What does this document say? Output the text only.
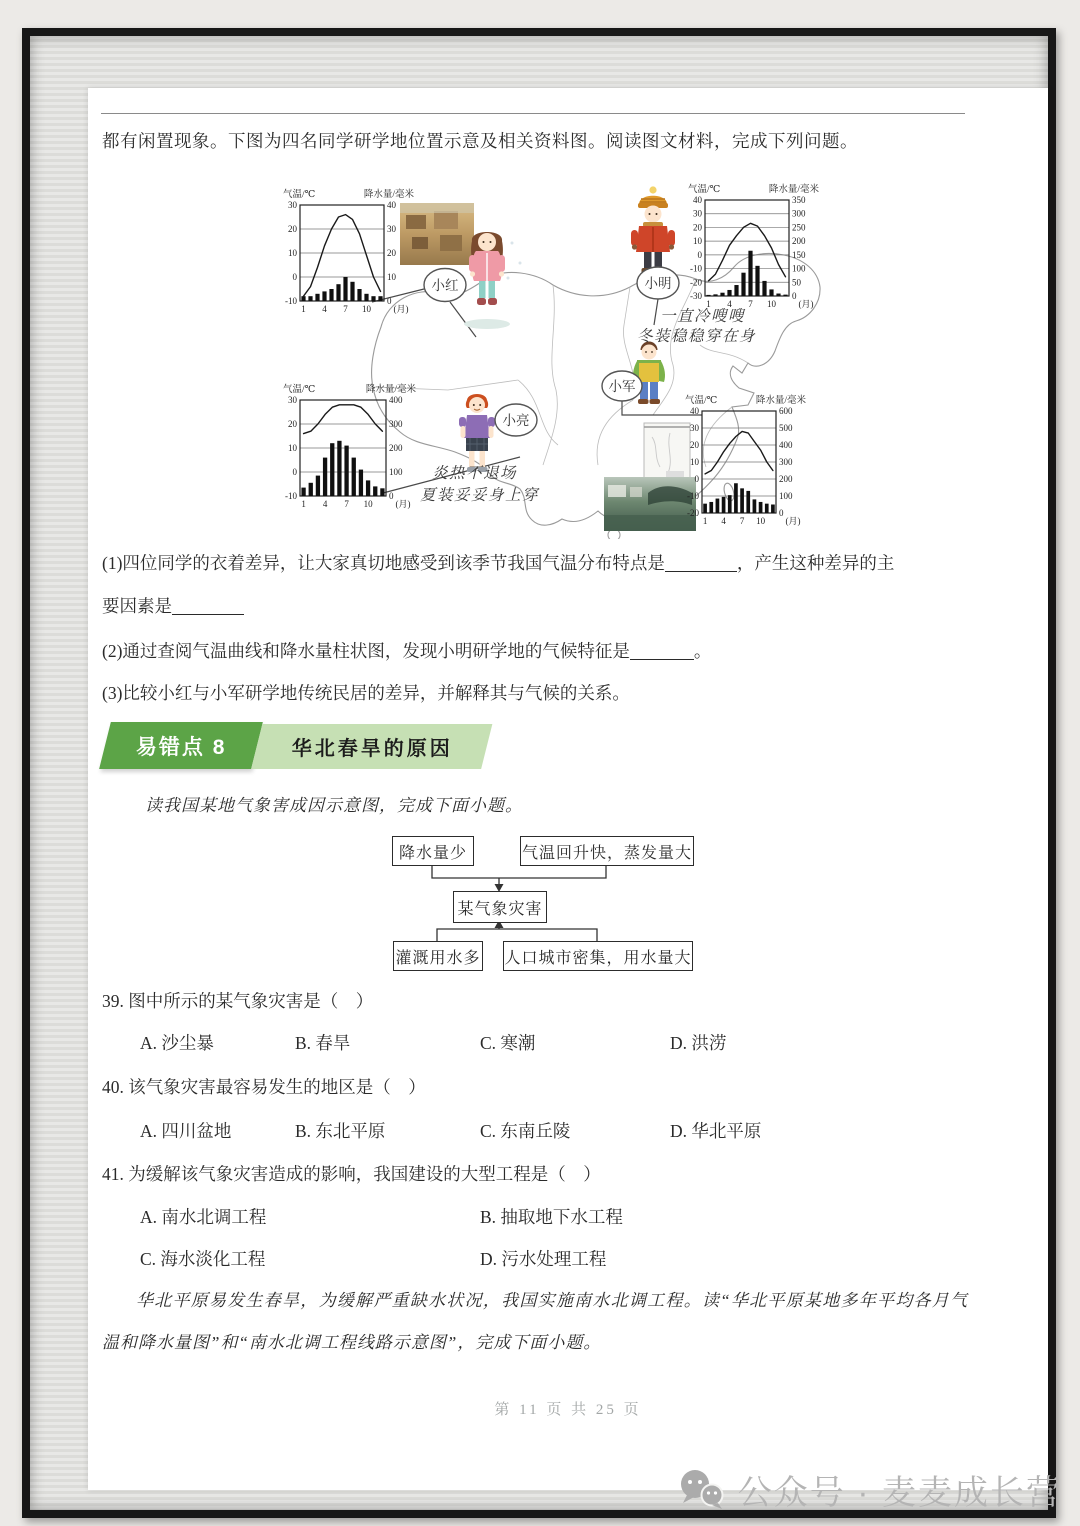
都有闲置现象。下图为四名同学研学地位置示意及相关资料图。阅读图文材料，完成下列问题。

小红	小明
小军
小亮
一直冷嗖嗖
冬装稳稳穿在身
炎热不退场
夏装妥妥身上穿
30
20
10
0
-10
40
30
20
10
0
1 4 7 10	(月)
气温/℃	降水量/毫米	40
30
20
10
0
-10
-20
-30
350
300
250
200
150
100
50
0
1 4 7 10	(月)
气温/℃	降水量/毫米
30
20
10
0
-10
400
300
200
100
0
1 4 7 10	(月)
气温/℃	降水量/毫米
40
30
20
10
0
-10
-20
600
500
400
300
200
100
0
1 4 7 10 (月)
气温/℃	降水量/毫米
(1)四位同学的衣着差异，让大家真切地感受到该季节我国气温分布特点是	，产生这种差异的主
要因素是
(2)通过查阅气温曲线和降水量柱状图，发现小明研学地的气候特征是	。
(3)比较小红与小军研学地传统民居的差异，并解释其与气候的关系。
易错点 8	华北春旱的原因

读我国某地气象害成因示意图，完成下面小题。

降水量少	气温回升快，蒸发量大
某气象灾害
灌溉用水多 人口城市密集，用水量大
39. 图中所示的某气象灾害是（　）
A. 沙尘暴	B. 春旱	C. 寒潮	D. 洪涝
40. 该气象灾害最容易发生的地区是（　）
A. 四川盆地	B. 东北平原	C. 东南丘陵	D. 华北平原
41. 为缓解该气象灾害造成的影响，我国建设的大型工程是（　）
A. 南水北调工程	B. 抽取地下水工程
C. 海水淡化工程	D. 污水处理工程

华北平原易发生春旱，为缓解严重缺水状况，我国实施南水北调工程。读“华北平原某地多年平均各月气温和降水量图”和“南水北调工程线路示意图”，完成下面小题。

第 11 页 共 25 页
公众号 · 麦麦成长营
